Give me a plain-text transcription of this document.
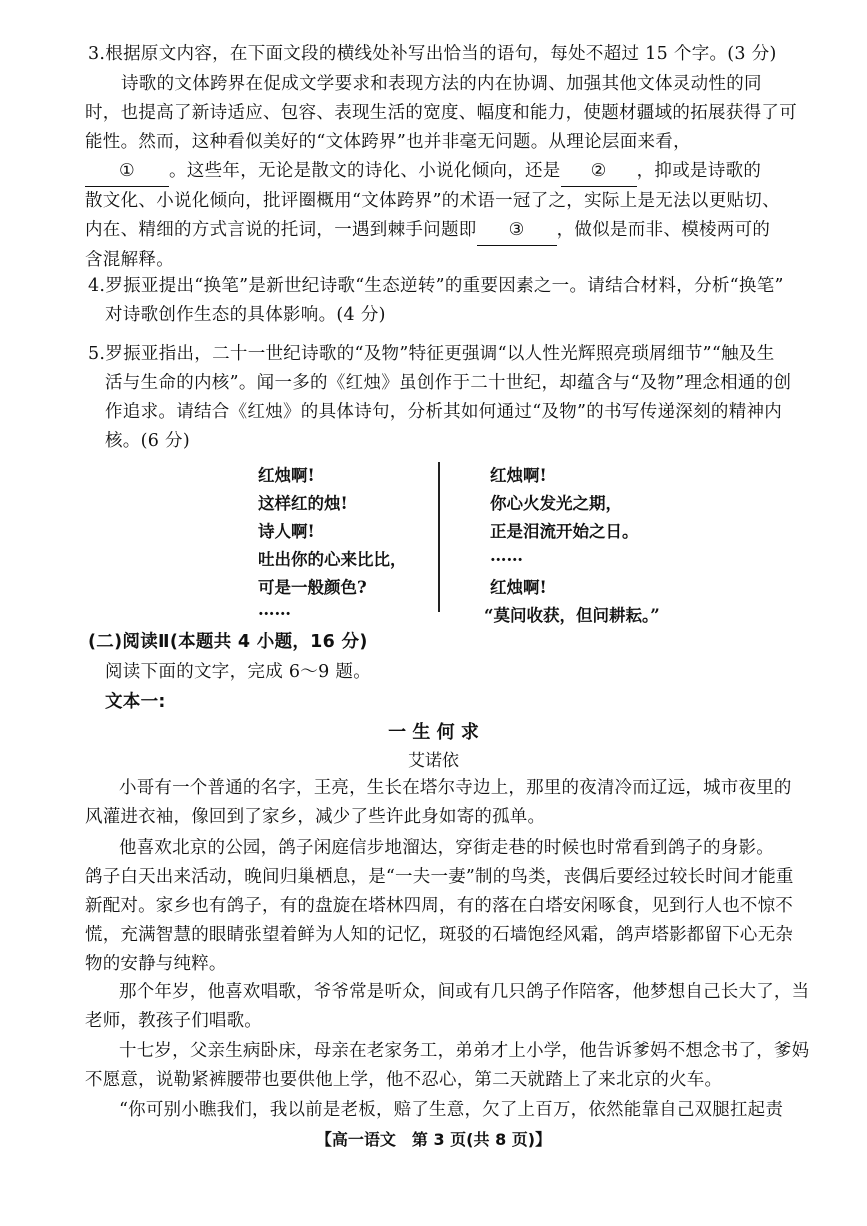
3.根据原文内容，在下面文段的横线处补写出恰当的语句，每处不超过 15 个字。(3 分)
诗歌的文体跨界在促成文学要求和表现方法的内在协调、加强其他文体灵动性的同
时，也提高了新诗适应、包容、表现生活的宽度、幅度和能力，使题材疆域的拓展获得了可
能性。然而，这种看似美好的“文体跨界”也并非毫无问题。从理论层面来看，
① 。这些年，无论是散文的诗化、小说化倾向，还是 ② ，抑或是诗歌的
散文化、小说化倾向，批评圈概用“文体跨界”的术语一冠了之，实际上是无法以更贴切、
内在、精细的方式言说的托词，一遇到棘手问题即 ③ ，做似是而非、模棱两可的
含混解释。
4.罗振亚提出“换笔”是新世纪诗歌“生态逆转”的重要因素之一。请结合材料，分析“换笔”
对诗歌创作生态的具体影响。(4 分)
5.罗振亚指出，二十一世纪诗歌的“及物”特征更强调“以人性光辉照亮琐屑细节”“触及生
活与生命的内核”。闻一多的《红烛》虽创作于二十世纪，却蕴含与“及物”理念相通的创
作追求。请结合《红烛》的具体诗句，分析其如何通过“及物”的书写传递深刻的精神内
核。(6 分)
红烛啊!
这样红的烛!
诗人啊!
吐出你的心来比比，
可是一般颜色?
……
红烛啊!
你心火发光之期，
正是泪流开始之日。
……
红烛啊!
“莫问收获，但问耕耘。”
(二)阅读Ⅱ(本题共 4 小题，16 分)
阅读下面的文字，完成 6～9 题。
文本一:
一 生 何 求
艾诺依
小哥有一个普通的名字，王亮，生长在塔尔寺边上，那里的夜清冷而辽远，城市夜里的
风灌进衣袖，像回到了家乡，减少了些许此身如寄的孤单。
他喜欢北京的公园，鸽子闲庭信步地溜达，穿街走巷的时候也时常看到鸽子的身影。
鸽子白天出来活动，晚间归巢栖息，是“一夫一妻”制的鸟类，丧偶后要经过较长时间才能重
新配对。家乡也有鸽子，有的盘旋在塔林四周，有的落在白塔安闲啄食，见到行人也不惊不
慌，充满智慧的眼睛张望着鲜为人知的记忆，斑驳的石墙饱经风霜，鸽声塔影都留下心无杂
物的安静与纯粹。
那个年岁，他喜欢唱歌，爷爷常是听众，间或有几只鸽子作陪客，他梦想自己长大了，当
老师，教孩子们唱歌。
十七岁，父亲生病卧床，母亲在老家务工，弟弟才上小学，他告诉爹妈不想念书了，爹妈
不愿意，说勒紧裤腰带也要供他上学，他不忍心，第二天就踏上了来北京的火车。
“你可别小瞧我们，我以前是老板，赔了生意，欠了上百万，依然能靠自己双腿扛起责
【高一语文　第 3 页(共 8 页)】
